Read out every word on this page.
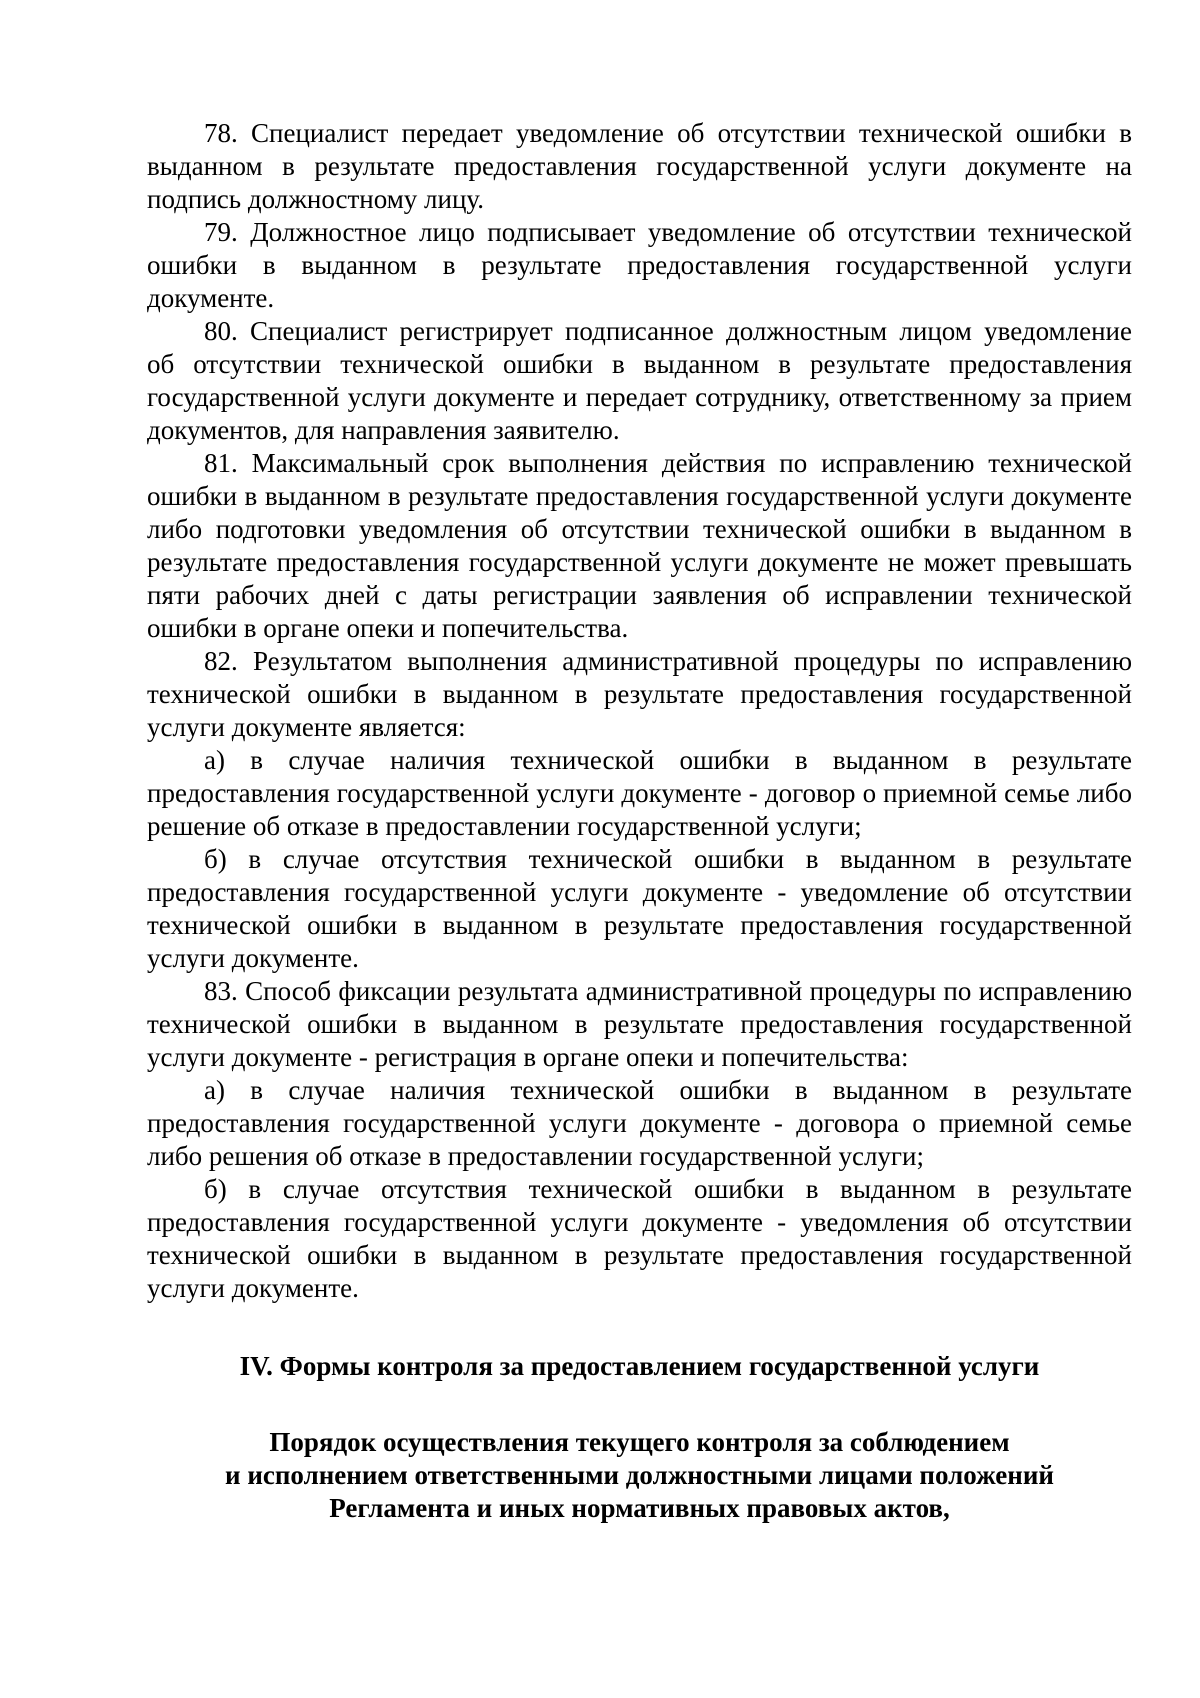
78. Специалист передает уведомление об отсутствии технической ошибки в выданном в результате предоставления государственной услуги документе на подпись должностному лицу.

79. Должностное лицо подписывает уведомление об отсутствии технической ошибки в выданном в результате предоставления государственной услуги документе.

80. Специалист регистрирует подписанное должностным лицом уведомление об отсутствии технической ошибки в выданном в результате предоставления государственной услуги документе и передает сотруднику, ответственному за прием документов, для направления заявителю.

81. Максимальный срок выполнения действия по исправлению технической ошибки в выданном в результате предоставления государственной услуги документе либо подготовки уведомления об отсутствии технической ошибки в выданном в результате предоставления государственной услуги документе не может превышать пяти рабочих дней с даты регистрации заявления об исправлении технической ошибки в органе опеки и попечительства.

82. Результатом выполнения административной процедуры по исправлению технической ошибки в выданном в результате предоставления государственной услуги документе является:

а) в случае наличия технической ошибки в выданном в результате предоставления государственной услуги документе - договор о приемной семье либо решение об отказе в предоставлении государственной услуги;

б) в случае отсутствия технической ошибки в выданном в результате предоставления государственной услуги документе - уведомление об отсутствии технической ошибки в выданном в результате предоставления государственной услуги документе.

83. Способ фиксации результата административной процедуры по исправлению технической ошибки в выданном в результате предоставления государственной услуги документе - регистрация в органе опеки и попечительства:

а) в случае наличия технической ошибки в выданном в результате предоставления государственной услуги документе - договора о приемной семье либо решения об отказе в предоставлении государственной услуги;

б) в случае отсутствия технической ошибки в выданном в результате предоставления государственной услуги документе - уведомления об отсутствии технической ошибки в выданном в результате предоставления государственной услуги документе.

IV. Формы контроля за предоставлением государственной услуги

Порядок осуществления текущего контроля за соблюдением

и исполнением ответственными должностными лицами положений

Регламента и иных нормативных правовых актов,
